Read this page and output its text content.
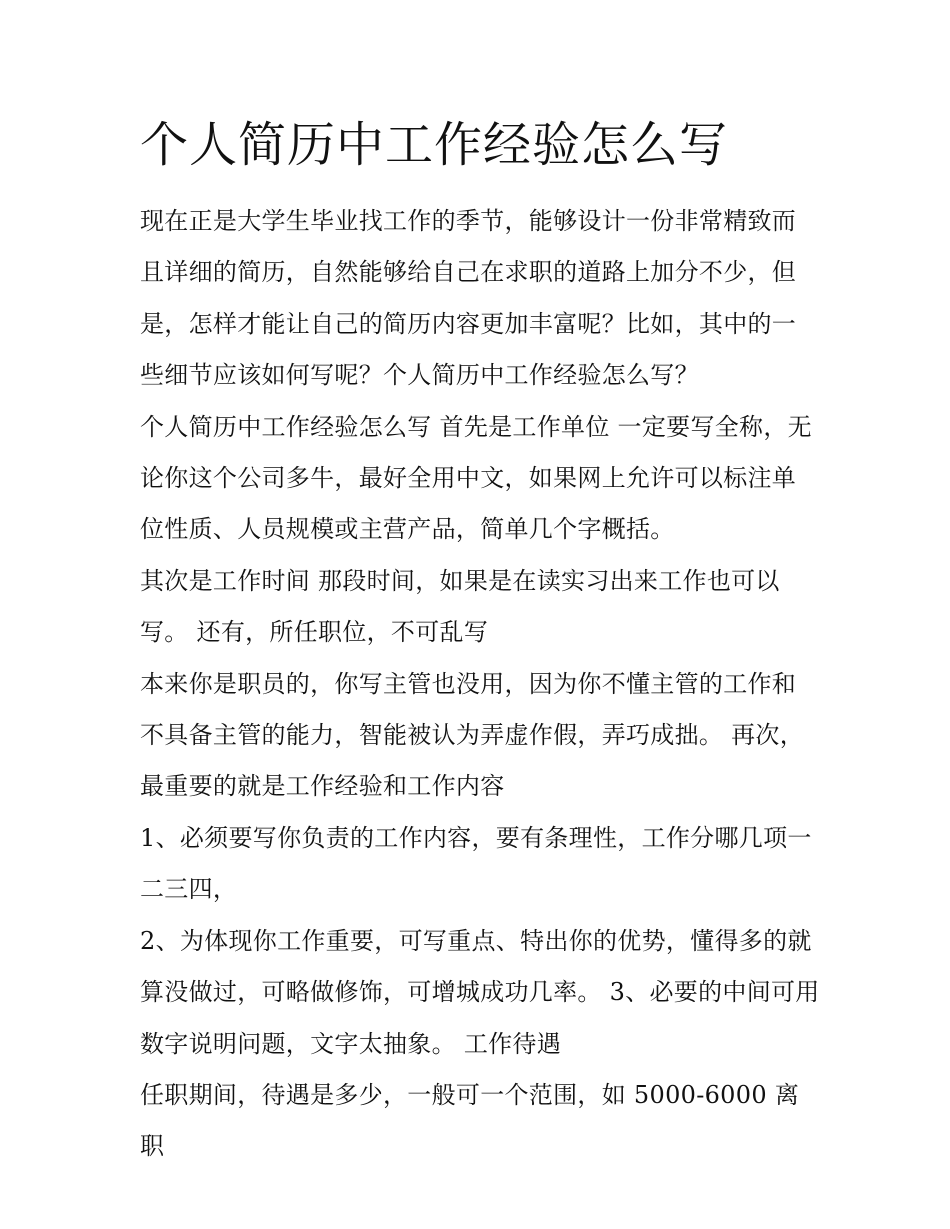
个人简历中工作经验怎么写

现在正是大学生毕业找工作的季节，能够设计一份非常精致而且详细的简历，自然能够给自己在求职的道路上加分不少，但是，怎样才能让自己的简历内容更加丰富呢？比如，其中的一些细节应该如何写呢？个人简历中工作经验怎么写？

个人简历中工作经验怎么写 首先是工作单位 一定要写全称，无论你这个公司多牛，最好全用中文，如果网上允许可以标注单位性质、人员规模或主营产品，简单几个字概括。

其次是工作时间 那段时间，如果是在读实习出来工作也可以写。 还有，所任职位，不可乱写

本来你是职员的，你写主管也没用，因为你不懂主管的工作和不具备主管的能力，智能被认为弄虚作假，弄巧成拙。 再次，最重要的就是工作经验和工作内容

1、必须要写你负责的工作内容，要有条理性，工作分哪几项一二三四，

2、为体现你工作重要，可写重点、特出你的优势，懂得多的就算没做过，可略做修饰，可增城成功几率。 3、必要的中间可用数字说明问题，文字太抽象。 工作待遇

任职期间，待遇是多少，一般可一个范围，如 5000-6000 离职
